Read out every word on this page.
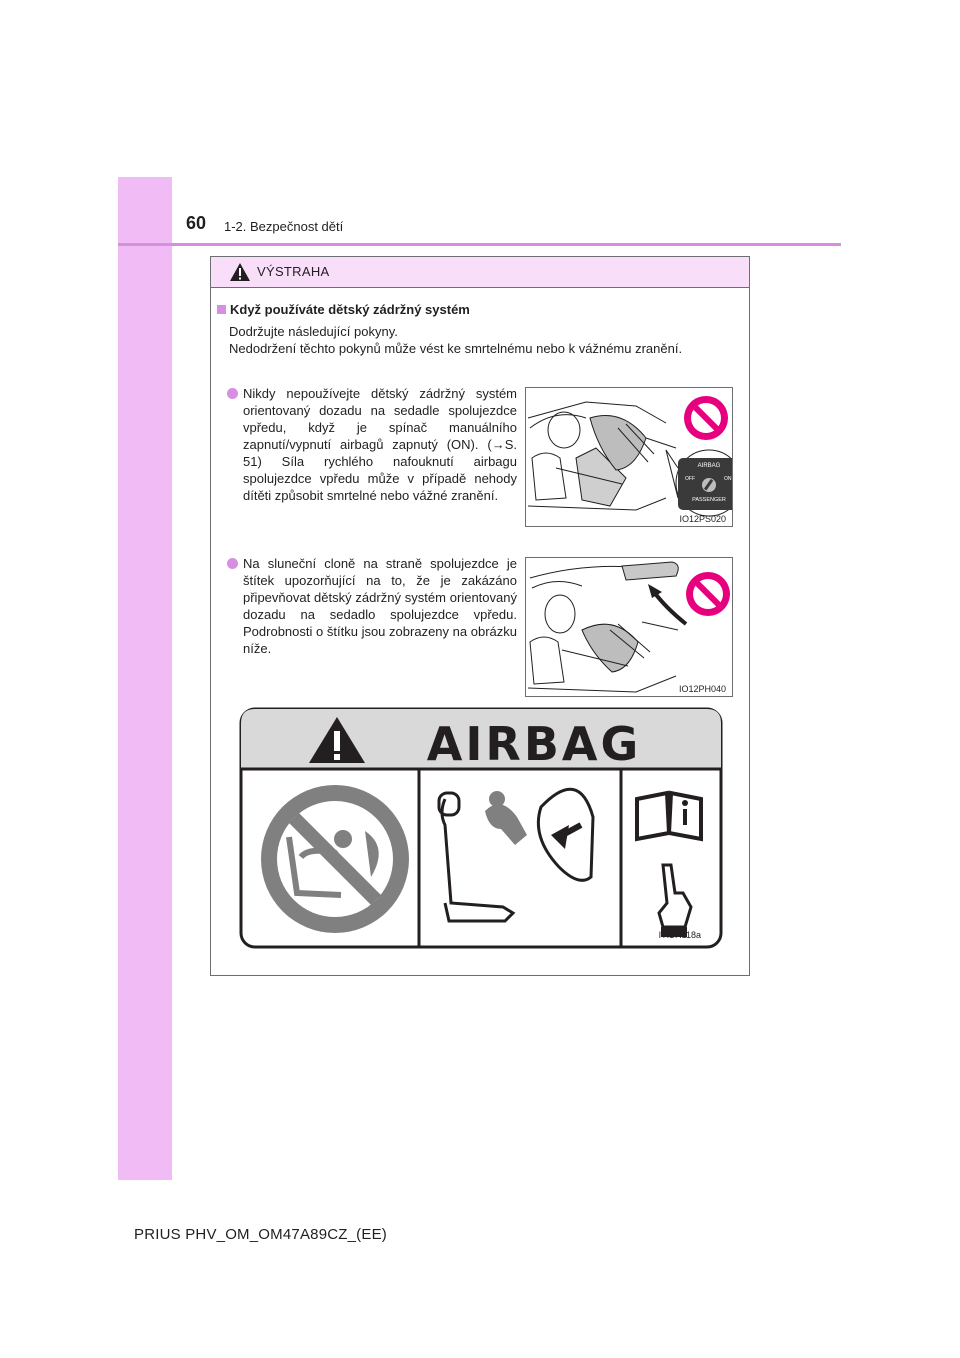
60 1-2. Bezpečnost dětí
VÝSTRAHA
Když používáte dětský zádržný systém

Dodržujte následující pokyny.

Nedodržení těchto pokynů může vést ke smrtelnému nebo k vážnému zranění.

Nikdy nepoužívejte dětský zádržný systém orientovaný dozadu na sedadle spolujezdce vpředu, když je spínač manuálního zapnutí/vypnutí airbagů zapnutý (ON). (→S. 51) Síla rychlého nafouknutí airbagu spolujezdce vpředu může v případě nehody dítěti způsobit smrtelné nebo vážné zranění.
AIRBAG
OFF	ON
PASSENGER
IO12PS020
Na sluneční cloně na straně spolujezdce je štítek upozorňující na to, že je zakázáno připevňovat dětský zádržný systém orientovaný dozadu na sedadlo spolujezdce vpředu. Podrobnosti o štítku jsou zobrazeny na obrázku níže.
IO12PH040
AIRBAG
ITI17I118a
PRIUS PHV_OM_OM47A89CZ_(EE)
